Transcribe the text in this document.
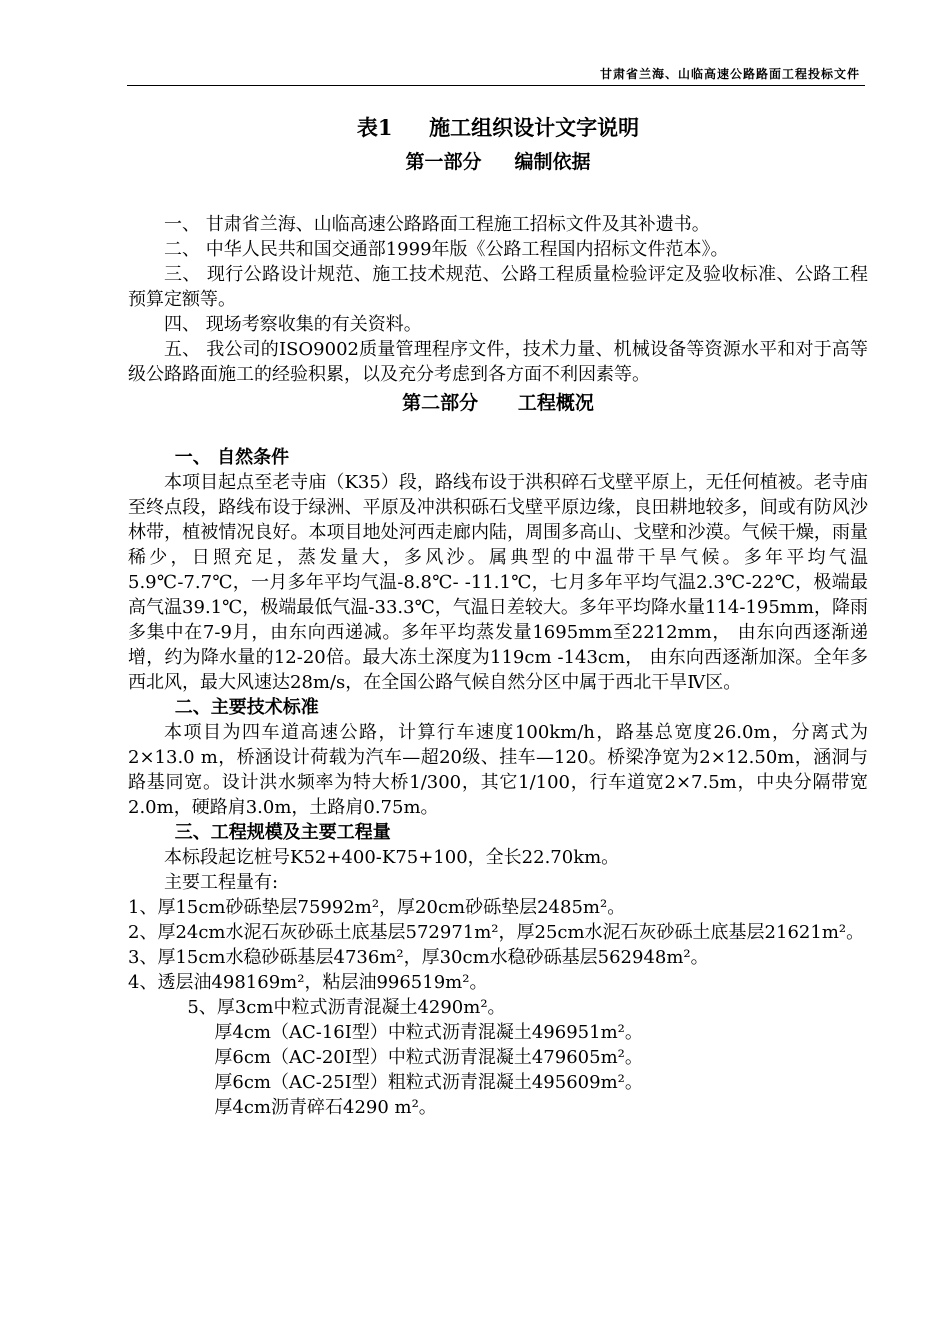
甘肃省兰海、山临高速公路路面工程投标文件
表1     施工组织设计文字说明
第一部分     编制依据

一、 甘肃省兰海、山临高速公路路面工程施工招标文件及其补遗书。

二、 中华人民共和国交通部1999年版《公路工程国内招标文件范本》。

三、 现行公路设计规范、施工技术规范、公路工程质量检验评定及验收标准、公路工程预算定额等。

四、 现场考察收集的有关资料。

五、 我公司的ISO9002质量管理程序文件，技术力量、机械设备等资源水平和对于高等级公路路面施工的经验积累，以及充分考虑到各方面不利因素等。

第二部分      工程概况

一、 自然条件

本项目起点至老寺庙（K35）段，路线布设于洪积碎石戈壁平原上，无任何植被。老寺庙至终点段，路线布设于绿洲、平原及冲洪积砾石戈壁平原边缘，良田耕地较多，间或有防风沙林带，植被情况良好。本项目地处河西走廊内陆，周围多高山、戈壁和沙漠。气候干燥，雨量稀少，日照充足，蒸发量大，多风沙。属典型的中温带干旱气候。多年平均气温5.9℃-7.7℃，一月多年平均气温-8.8℃- -11.1℃，七月多年平均气温2.3℃-22℃，极端最高气温39.1℃，极端最低气温-33.3℃，气温日差较大。多年平均降水量114-195mm，降雨多集中在7-9月，由东向西递减。多年平均蒸发量1695mm至2212mm， 由东向西逐渐递增，约为降水量的12-20倍。最大冻土深度为119cm -143cm， 由东向西逐渐加深。全年多西北风，最大风速达28m/s，在全国公路气候自然分区中属于西北干旱Ⅳ区。

二、主要技术标准

本项目为四车道高速公路，计算行车速度100km/h，路基总宽度26.0m，分离式为2×13.0 m，桥涵设计荷载为汽车—超20级、挂车—120。桥梁净宽为2×12.50m，涵洞与路基同宽。设计洪水频率为特大桥1/300，其它1/100，行车道宽2×7.5m，中央分隔带宽2.0m，硬路肩3.0m，土路肩0.75m。

三、工程规模及主要工程量

本标段起讫桩号K52+400-K75+100，全长22.70km。

主要工程量有:

1、厚15cm砂砾垫层75992m²，厚20cm砂砾垫层2485m²。

2、厚24cm水泥石灰砂砾土底基层572971m²，厚25cm水泥石灰砂砾土底基层21621m²。

3、厚15cm水稳砂砾基层4736m²，厚30cm水稳砂砾基层562948m²。

4、透层油498169m²，粘层油996519m²。

5、厚3cm中粒式沥青混凝土4290m²。

厚4cm（AC-16Ⅰ型）中粒式沥青混凝土496951m²。

厚6cm（AC-20Ⅰ型）中粒式沥青混凝土479605m²。

厚6cm（AC-25Ⅰ型）粗粒式沥青混凝土495609m²。

厚4cm沥青碎石4290 m²。
